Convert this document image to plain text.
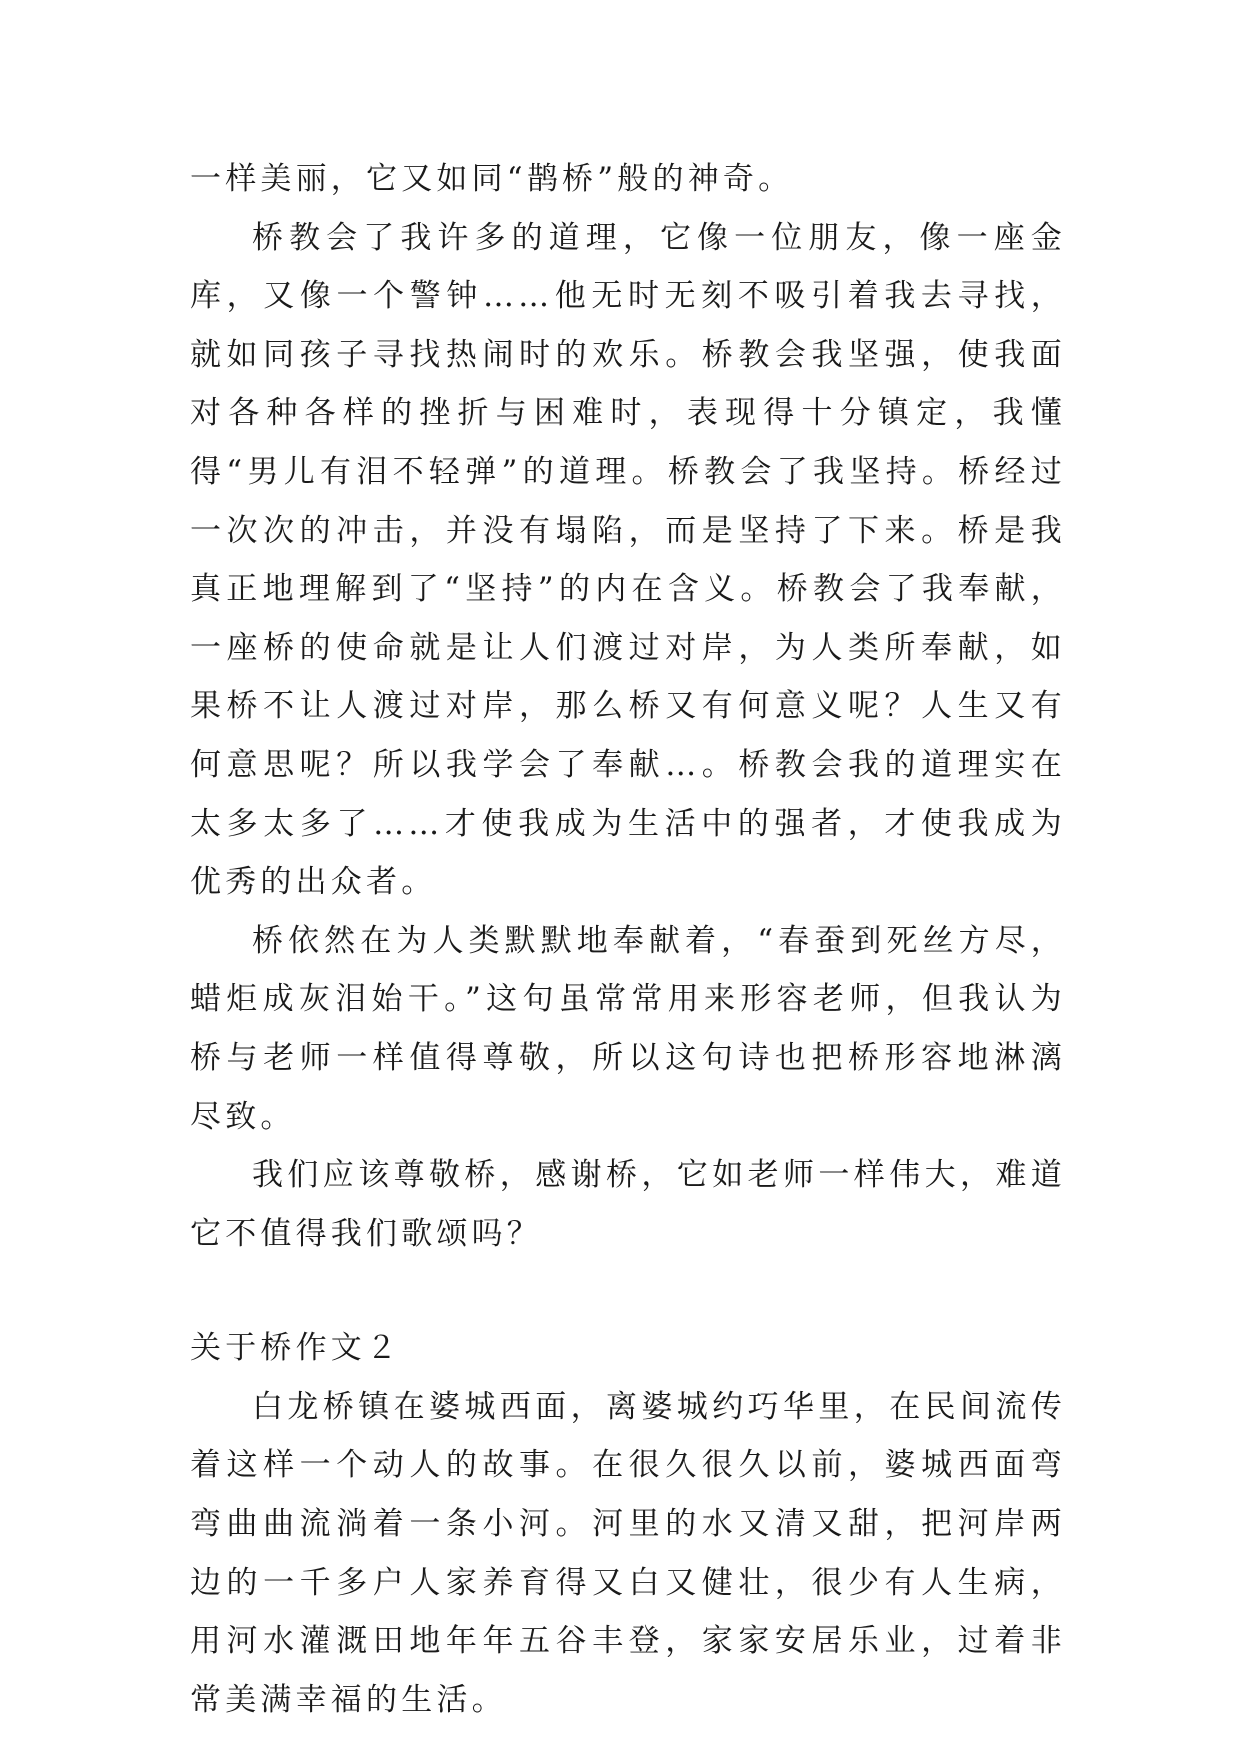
一样美丽，它又如同“鹊桥”般的神奇。

桥教会了我许多的道理，它像一位朋友，像一座金库，又像一个警钟……他无时无刻不吸引着我去寻找，就如同孩子寻找热闹时的欢乐。桥教会我坚强，使我面对各种各样的挫折与困难时，表现得十分镇定，我懂得“男儿有泪不轻弹”的道理。桥教会了我坚持。桥经过一次次的冲击，并没有塌陷，而是坚持了下来。桥是我真正地理解到了“坚持”的内在含义。桥教会了我奉献，一座桥的使命就是让人们渡过对岸，为人类所奉献，如果桥不让人渡过对岸，那么桥又有何意义呢？人生又有何意思呢？所以我学会了奉献…。桥教会我的道理实在太多太多了……才使我成为生活中的强者，才使我成为优秀的出众者。

桥依然在为人类默默地奉献着，“春蚕到死丝方尽，蜡炬成灰泪始干。”这句虽常常用来形容老师，但我认为桥与老师一样值得尊敬，所以这句诗也把桥形容地淋漓尽致。

我们应该尊敬桥，感谢桥，它如老师一样伟大，难道它不值得我们歌颂吗？

关于桥作文２

白龙桥镇在婆城西面，离婆城约巧华里，在民间流传着这样一个动人的故事。在很久很久以前，婆城西面弯弯曲曲流淌着一条小河。河里的水又清又甜，把河岸两边的一千多户人家养育得又白又健壮，很少有人生病，用河水灌溉田地年年五谷丰登，家家安居乐业，过着非常美满幸福的生活。
